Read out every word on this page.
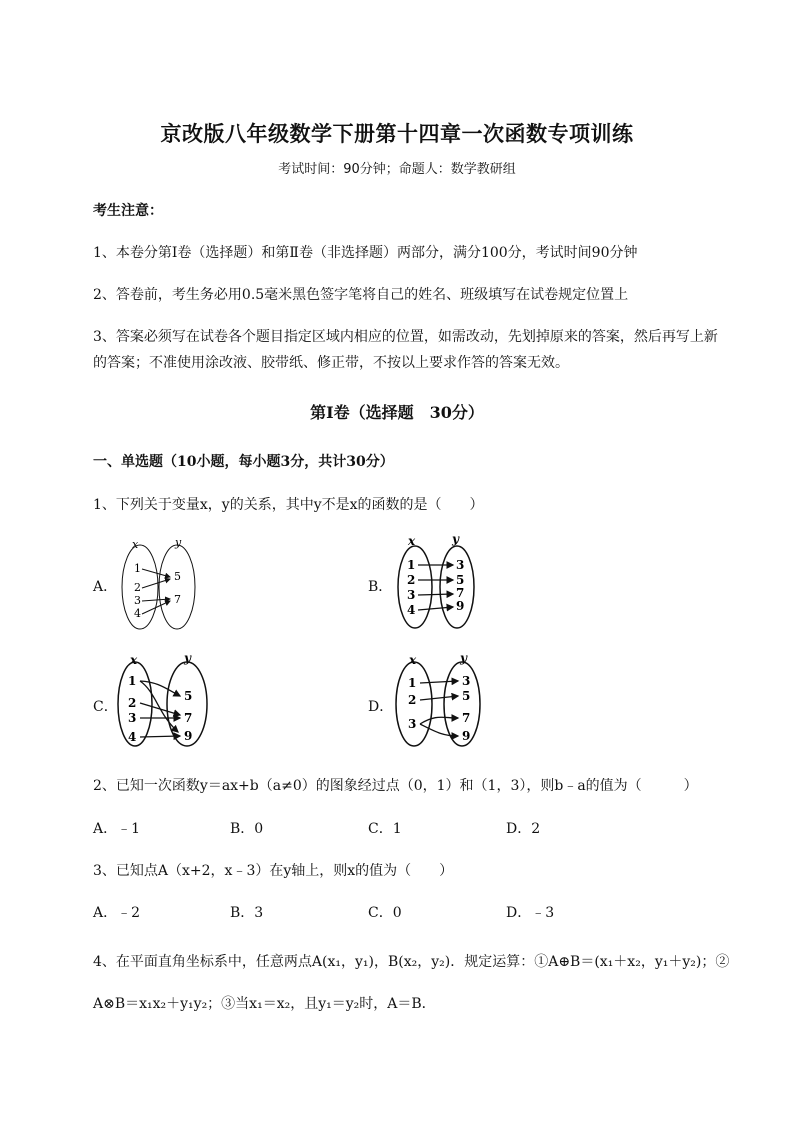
京改版八年级数学下册第十四章一次函数专项训练
考试时间：90分钟；命题人：数学教研组
考生注意：
1、本卷分第I卷（选择题）和第Ⅱ卷（非选择题）两部分，满分100分，考试时间90分钟
2、答卷前，考生务必用0.5毫米黑色签字笔将自己的姓名、班级填写在试卷规定位置上
3、答案必须写在试卷各个题目指定区域内相应的位置，如需改动，先划掉原来的答案，然后再写上新
的答案；不准使用涂改液、胶带纸、修正带，不按以上要求作答的答案无效。
第I卷（选择题　30分）
一、单选题（10小题，每小题3分，共计30分）
1、下列关于变量x，y的关系，其中y不是x的函数的是（　　）
A．	B．
C．	D．
x	y
1
2
3
4
5
7
x	y
1
2
3
4
3
5
7
9
x	y
1
2
3
4
5
7
9
x	y
1
2
3
3
5
7
9
2、已知一次函数y＝ax+b（a≠0）的图象经过点（0，1）和（1，3），则b﹣a的值为（　　　）
A．﹣1	B．0	C．1	D．2
3、已知点A（x+2，x﹣3）在y轴上，则x的值为（　　）
A．﹣2	B．3	C．0	D．﹣3
4、在平面直角坐标系中，任意两点A(x₁，y₁)，B(x₂，y₂)．规定运算：①A⊕B＝(x₁＋x₂，y₁＋y₂)；②
A⊗B＝x₁x₂＋y₁y₂；③当x₁＝x₂，且y₁＝y₂时，A＝B．
